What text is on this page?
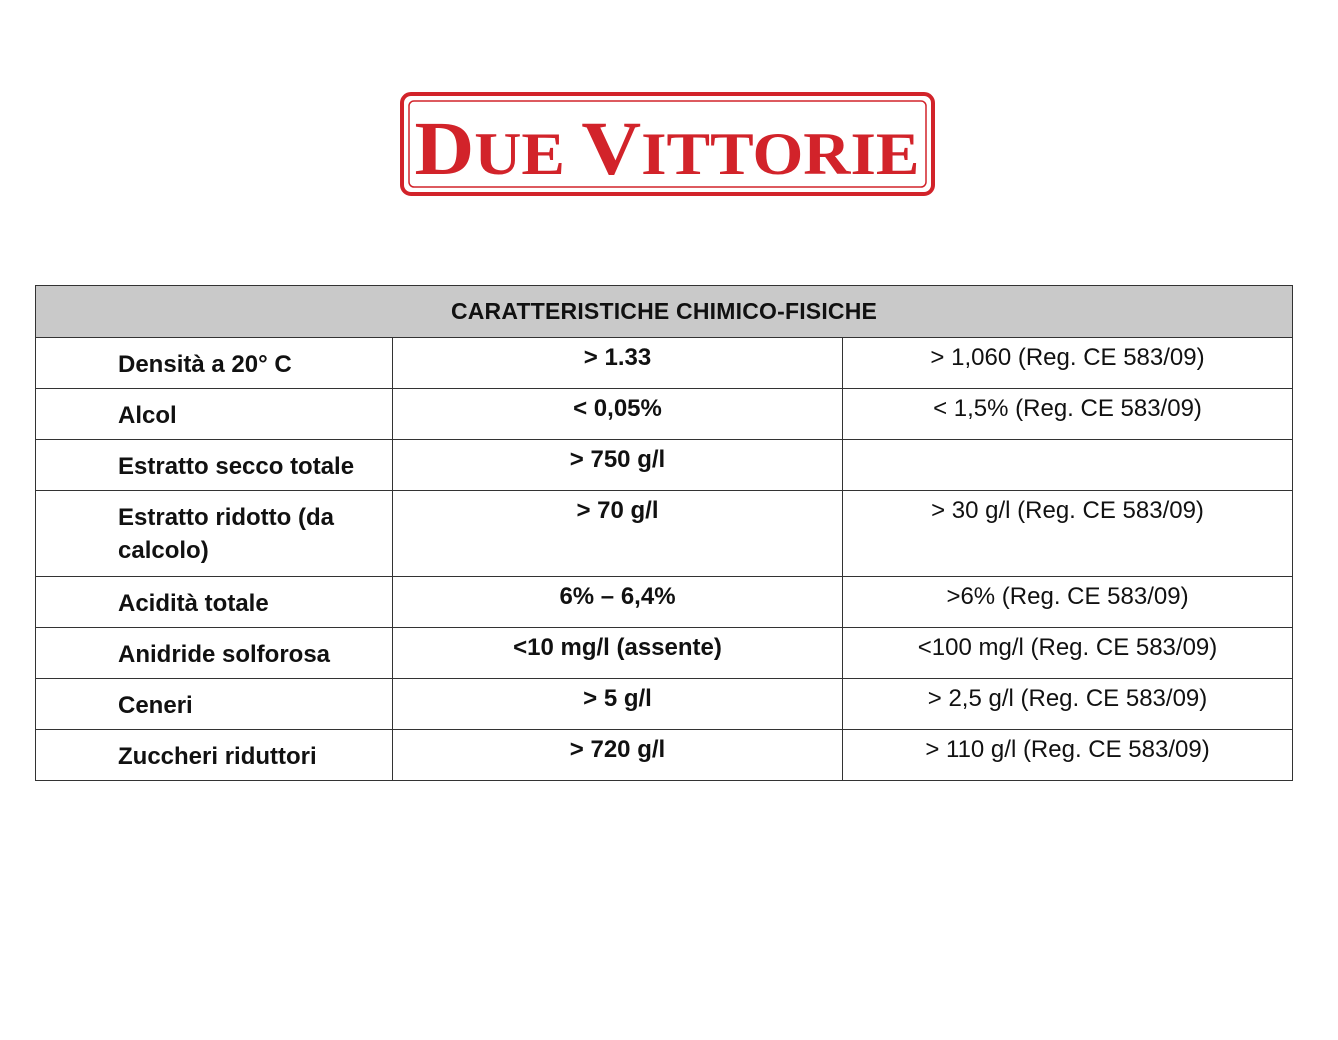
DUE VITTORIE
CARATTERISTICHE CHIMICO-FISICHE		
Densità a 20° C	> 1.33	> 1,060 (Reg. CE 583/09)
Alcol	< 0,05%	< 1,5% (Reg. CE 583/09)
Estratto secco totale	> 750 g/l	
Estratto ridotto (da calcolo)	> 70 g/l	> 30 g/l (Reg. CE 583/09)
Acidità totale	6% – 6,4%	>6% (Reg. CE 583/09)
Anidride solforosa	<10 mg/l (assente)	<100 mg/l (Reg. CE 583/09)
Ceneri	> 5 g/l	> 2,5 g/l (Reg. CE 583/09)
Zuccheri riduttori	> 720 g/l	> 110 g/l (Reg. CE 583/09)
